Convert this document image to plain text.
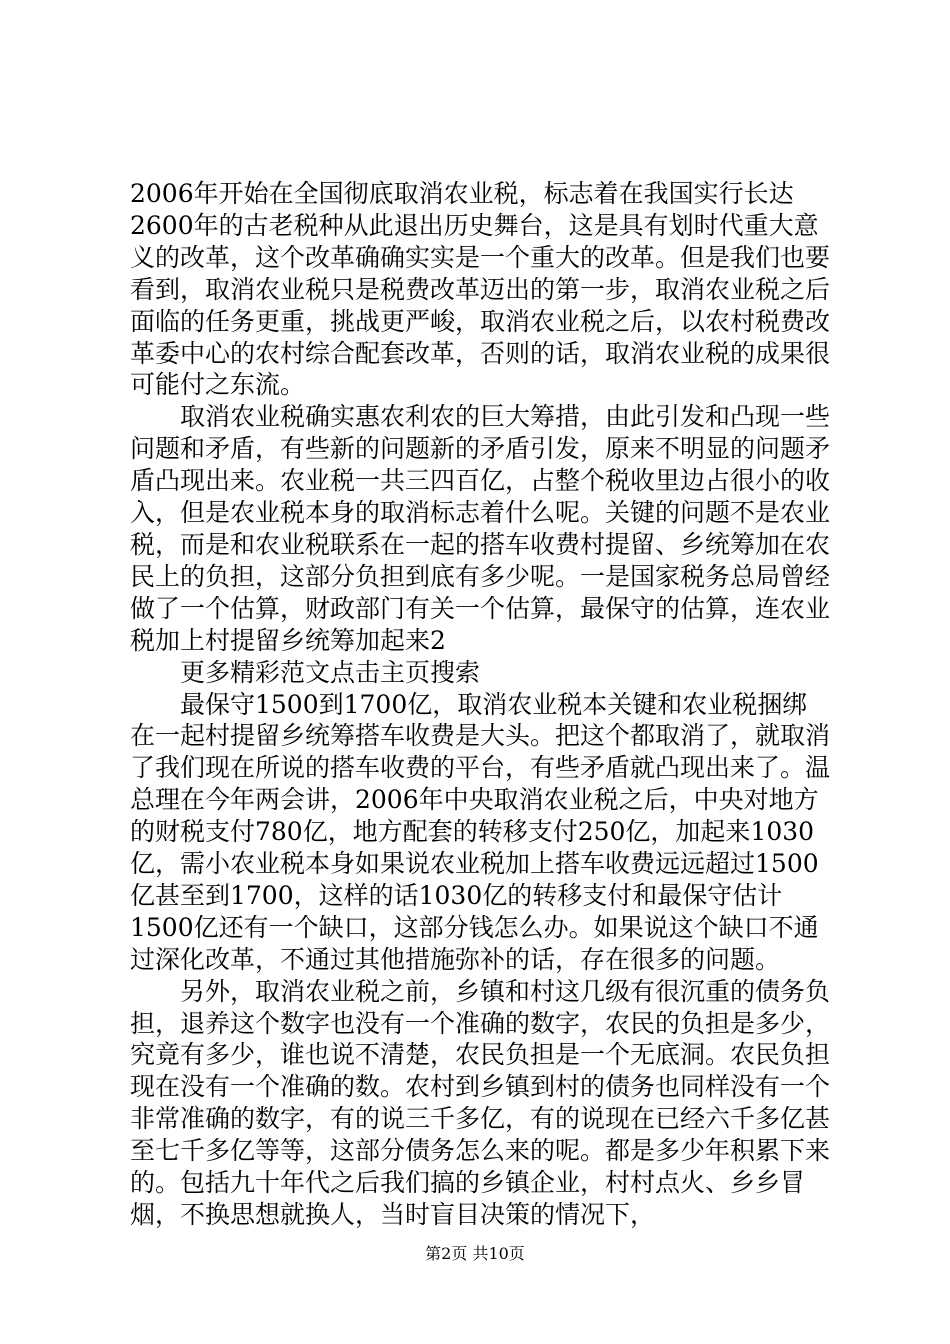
2006年开始在全国彻底取消农业税，标志着在我国实行长达2600年的古老税种从此退出历史舞台，这是具有划时代重大意义的改革，这个改革确确实实是一个重大的改革。但是我们也要看到，取消农业税只是税费改革迈出的第一步，取消农业税之后面临的任务更重，挑战更严峻，取消农业税之后，以农村税费改革委中心的农村综合配套改革，否则的话，取消农业税的成果很可能付之东流。

取消农业税确实惠农利农的巨大筹措，由此引发和凸现一些问题和矛盾，有些新的问题新的矛盾引发，原来不明显的问题矛盾凸现出来。农业税一共三四百亿，占整个税收里边占很小的收入，但是农业税本身的取消标志着什么呢。关键的问题不是农业税，而是和农业税联系在一起的搭车收费村提留、乡统筹加在农民上的负担，这部分负担到底有多少呢。一是国家税务总局曾经做了一个估算，财政部门有关一个估算，最保守的估算，连农业税加上村提留乡统筹加起来2

更多精彩范文点击主页搜索

最保守1500到1700亿，取消农业税本关键和农业税捆绑在一起村提留乡统筹搭车收费是大头。把这个都取消了，就取消了我们现在所说的搭车收费的平台，有些矛盾就凸现出来了。温总理在今年两会讲，2006年中央取消农业税之后，中央对地方的财税支付780亿，地方配套的转移支付250亿，加起来1030亿，需小农业税本身如果说农业税加上搭车收费远远超过1500亿甚至到1700，这样的话1030亿的转移支付和最保守估计1500亿还有一个缺口，这部分钱怎么办。如果说这个缺口不通过深化改革，不通过其他措施弥补的话，存在很多的问题。

另外，取消农业税之前，乡镇和村这几级有很沉重的债务负担，退养这个数字也没有一个准确的数字，农民的负担是多少，究竟有多少，谁也说不清楚，农民负担是一个无底洞。农民负担现在没有一个准确的数。农村到乡镇到村的债务也同样没有一个非常准确的数字，有的说三千多亿，有的说现在已经六千多亿甚至七千多亿等等，这部分债务怎么来的呢。都是多少年积累下来的。包括九十年代之后我们搞的乡镇企业，村村点火、乡乡冒烟，不换思想就换人，当时盲目决策的情况下，

第2页 共10页
